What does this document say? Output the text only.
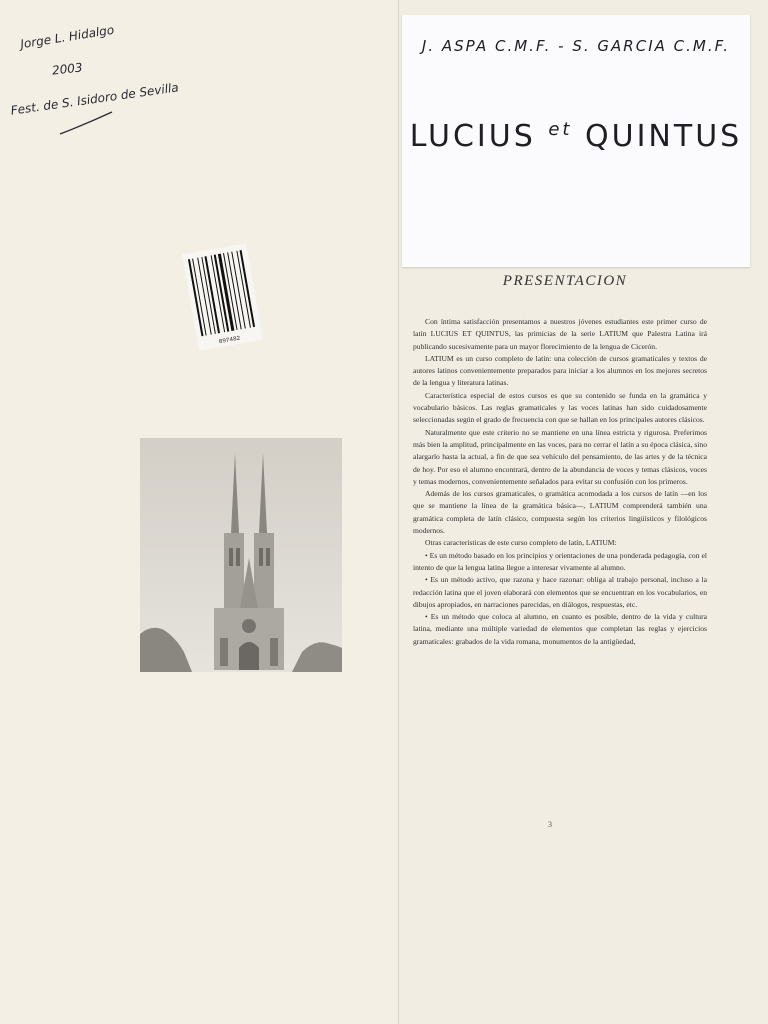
Jorge L. Hidalgo
2003
Fest. de S. Isidoro de Sevilla
097482
J. ASPA C.M.F. - S. GARCIA C.M.F.
LUCIUS $^{et}$ QUINTUS
PRESENTACION

Con íntima satisfacción presentamos a nuestros jóvenes estudiantes este primer curso de latín LUCIUS ET QUINTUS, las primicias de la serie LATIUM que Palestra Latina irá publicando sucesivamente para un mayor florecimiento de la lengua de Cicerón.

LATIUM es un curso completo de latín: una colección de cursos gramaticales y textos de autores latinos convenientemente preparados para iniciar a los alumnos en los mejores secretos de la lengua y literatura latinas.

Característica especial de estos cursos es que su contenido se funda en la gramática y vocabulario básicos. Las reglas gramaticales y las voces latinas han sido cuidadosamente seleccionadas según el grado de frecuencia con que se hallan en los principales autores clásicos.

Naturalmente que este criterio no se mantiene en una línea estricta y rigurosa. Preferimos más bien la amplitud, principalmente en las voces, para no cerrar el latín a su época clásica, sino alargarlo hasta la actual, a fin de que sea vehículo del pensamiento, de las artes y de la técnica de hoy. Por eso el alumno encontrará, dentro de la abundancia de voces y temas clásicos, voces y temas modernos, convenientemente señalados para evitar su confusión con los primeros.

Además de los cursos gramaticales, o gramática acomodada a los cursos de latín —en los que se mantiene la línea de la gramática básica—, LATIUM comprenderá también una gramática completa de latín clásico, compuesta según los criterios lingüísticos y filológicos modernos.

Otras características de este curso completo de latín, LATIUM:

• Es un método basado en los principios y orientaciones de una ponderada pedagogía, con el intento de que la lengua latina llegue a interesar vivamente al alumno.

• Es un método activo, que razona y hace razonar: obliga al trabajo personal, incluso a la redacción latina que el joven elaborará con elementos que se encuentran en los vocabularios, en dibujos apropiados, en narraciones parecidas, en diálogos, respuestas, etc.

• Es un método que coloca al alumno, en cuanto es posible, dentro de la vida y cultura latina, mediante una múltiple variedad de elementos que completan las reglas y ejercicios gramaticales: grabados de la vida romana, monumentos de la antigüedad,

3
